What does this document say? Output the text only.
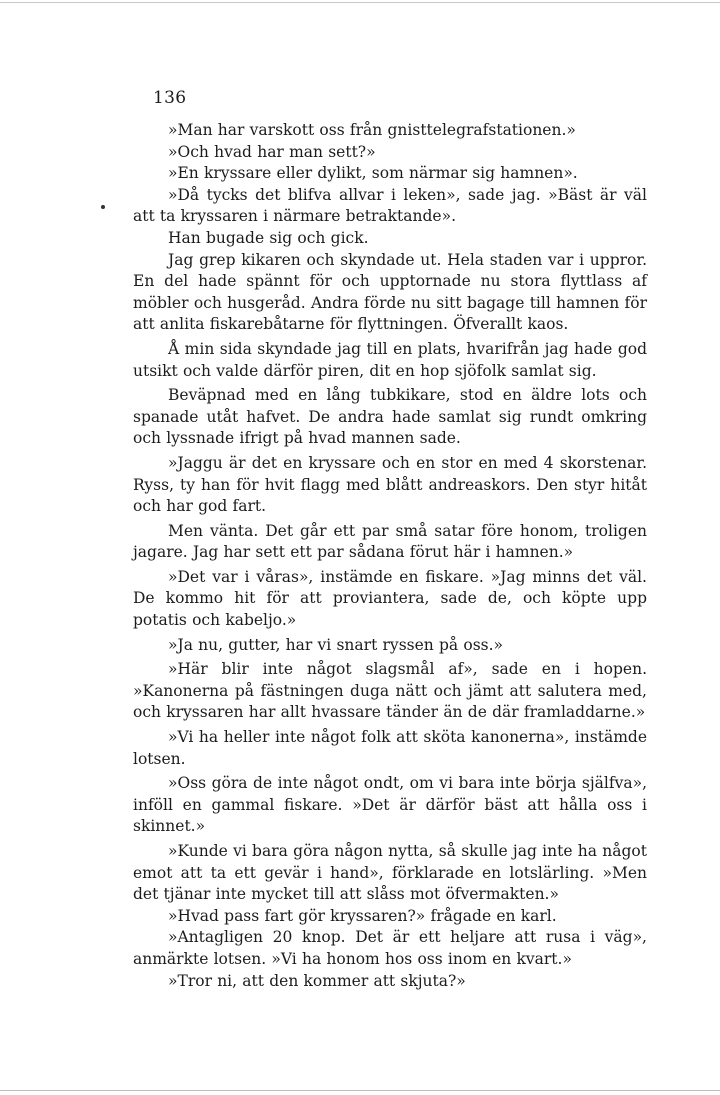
136

»Man har varskott oss från gnisttelegrafstationen.»

»Och hvad har man sett?»

»En kryssare eller dylikt, som närmar sig hamnen».

»Då tycks det blifva allvar i leken», sade jag. »Bäst är väl att ta kryssaren i närmare betraktande».

Han bugade sig och gick.

Jag grep kikaren och skyndade ut. Hela staden var i uppror. En del hade spännt för och upptornade nu stora flyttlass af möbler och husgeråd. Andra förde nu sitt bagage till hamnen för att anlita fiskarebåtarne för flyttningen. Öfverallt kaos.

Å min sida skyndade jag till en plats, hvarifrån jag hade god utsikt och valde därför piren, dit en hop sjöfolk samlat sig.

Beväpnad med en lång tubkikare, stod en äldre lots och spanade utåt hafvet. De andra hade samlat sig rundt omkring och lyssnade ifrigt på hvad mannen sade.

»Jaggu är det en kryssare och en stor en med 4 skorstenar. Ryss, ty han för hvit flagg med blått andreaskors. Den styr hitåt och har god fart.

Men vänta. Det går ett par små satar före honom, troligen jagare. Jag har sett ett par sådana förut här i hamnen.»

»Det var i våras», instämde en fiskare. »Jag minns det väl. De kommo hit för att proviantera, sade de, och köpte upp potatis och kabeljo.»

»Ja nu, gutter, har vi snart ryssen på oss.»

»Här blir inte något slagsmål af», sade en i hopen. »Kanonerna på fästningen duga nätt och jämt att salutera med, och kryssaren har allt hvassare tänder än de där framladdarne.»

»Vi ha heller inte något folk att sköta kanonerna», instämde lotsen.

»Oss göra de inte något ondt, om vi bara inte börja själfva», inföll en gammal fiskare. »Det är därför bäst att hålla oss i skinnet.»

»Kunde vi bara göra någon nytta, så skulle jag inte ha något emot att ta ett gevär i hand», förklarade en lotslärling. »Men det tjänar inte mycket till att slåss mot öfvermakten.»

»Hvad pass fart gör kryssaren?» frågade en karl.

»Antagligen 20 knop. Det är ett heljare att rusa i väg», anmärkte lotsen. »Vi ha honom hos oss inom en kvart.»

»Tror ni, att den kommer att skjuta?»
